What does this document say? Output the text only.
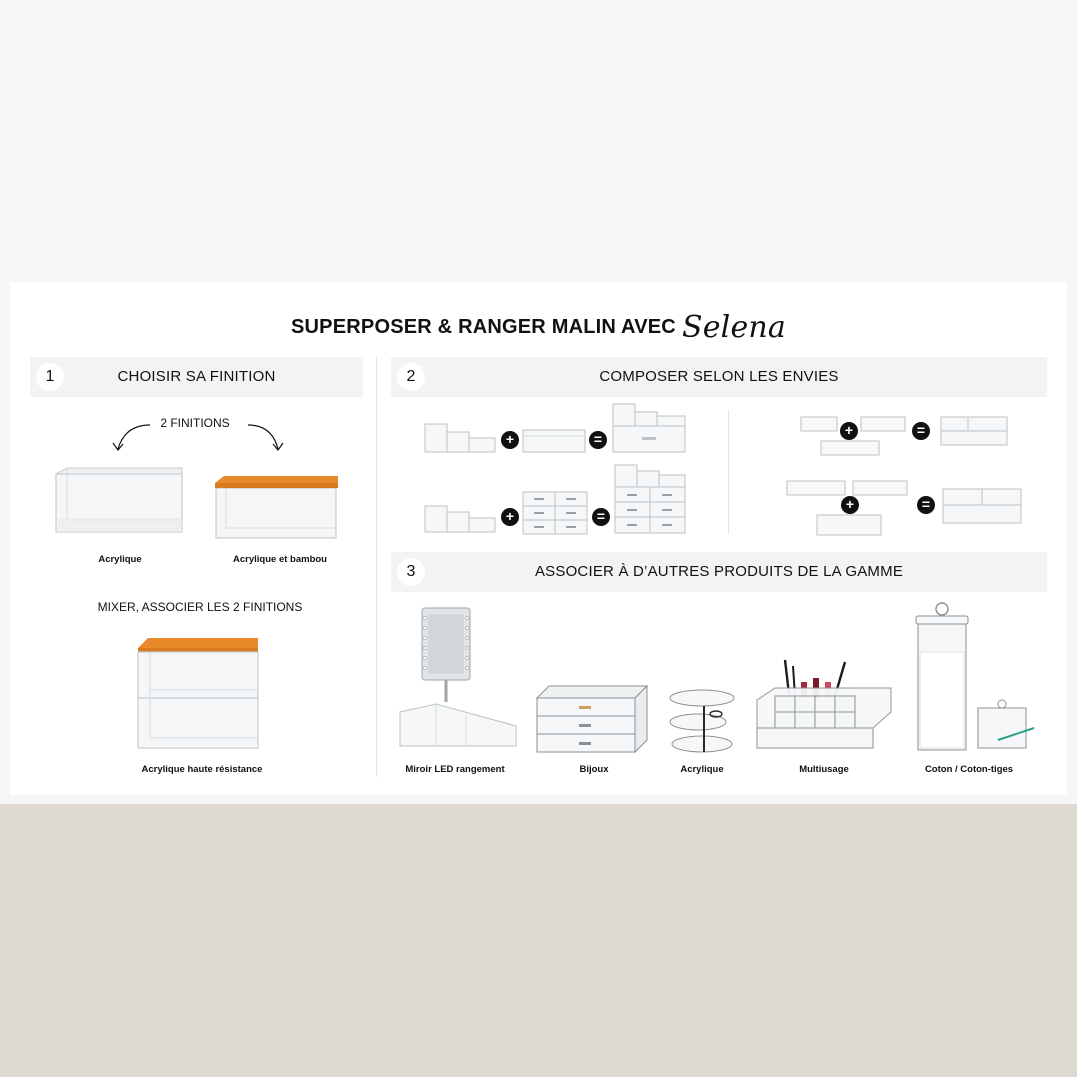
SUPERPOSER & RANGER MALIN AVEC Selena
1	CHOISIR SA FINITION
2 FINITIONS
Acrylique	Acrylique et bambou
MIXER, ASSOCIER LES 2 FINITIONS
Acrylique haute résistance
2	COMPOSER SELON LES ENVIES
+	=
+	=
+	=
+	=
3	ASSOCIER À D’AUTRES PRODUITS DE LA GAMME
Miroir LED rangement	Bijoux	Acrylique	Multiusage	Coton / Coton-tiges
